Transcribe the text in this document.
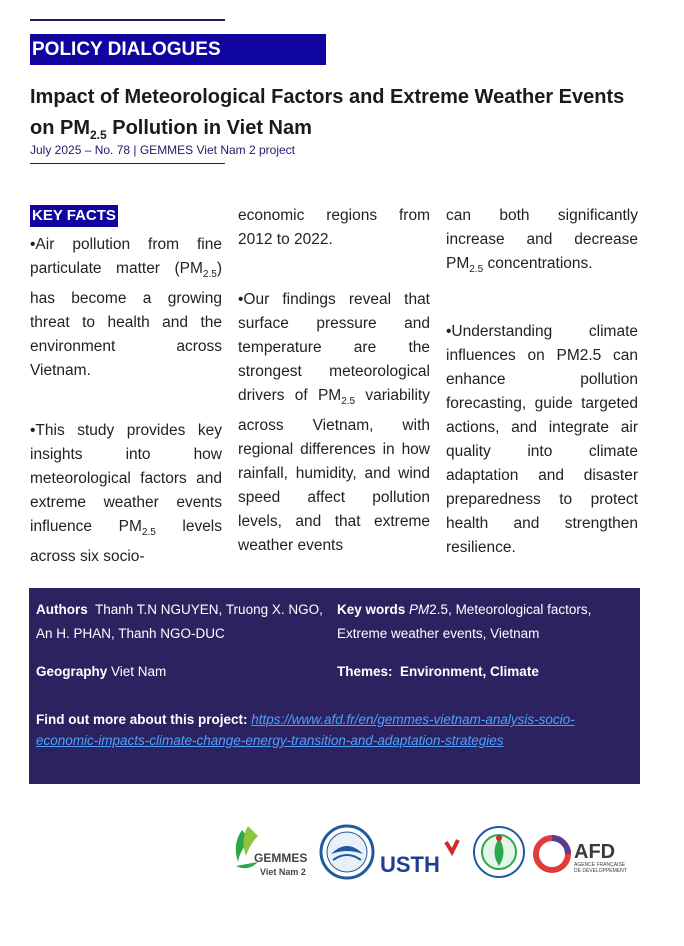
POLICY DIALOGUES
Impact of Meteorological Factors and Extreme Weather Events on $PM_{2.5}$ Pollution in Viet Nam
July 2025 – No. 78 | GEMMES Viet Nam 2 project
KEY FACTS

•Air pollution from fine particulate matter $(PM_{2.5})$ has become a growing threat to health and the environment across Vietnam.

•This study provides key insights into how meteorological factors and extreme weather events influence $PM_{2.5}$ levels across six socio-

economic regions from 2012 to 2022.

•Our findings reveal that surface pressure and temperature are the strongest meteorological drivers of $PM_{2.5}$ variability across Vietnam, with regional differences in how rainfall, humidity, and wind speed affect pollution levels, and that extreme weather events

can both significantly increase and decrease $PM_{2.5}$ concentrations.

•Understanding climate influences on PM2.5 can enhance pollution forecasting, guide targeted actions, and integrate air quality into climate adaptation and disaster preparedness to protect health and strengthen resilience.

Authors Thanh T.N NGUYEN, Truong X. NGO, An H. PHAN, Thanh NGO-DUC
Key words PM2.5, Meteorological factors, Extreme weather events, Vietnam
Geography Viet Nam	Themes: Environment, Climate
Find out more about this project: https://www.afd.fr/en/gemmes-vietnam-analysis-socio-economic-impacts-climate-change-energy-transition-and-adaptation-strategies
GEMMES
Viet Nam 2	USTH	AFD
AGENCE FRANÇAISE
DE DÉVELOPPEMENT
